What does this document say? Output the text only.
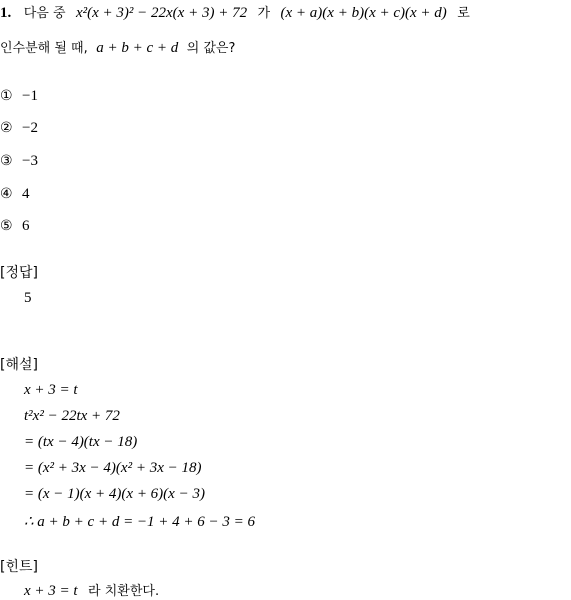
1. 다음 중 x²(x + 3)² − 22x(x + 3) + 72 가 (x + a)(x + b)(x + c)(x + d) 로
인수분해 될 때, a + b + c + d 의 값은?
① −1
② −2
③ −3
④ 4
⑤ 6
[정답]
5
[해설]
x + 3 = t
t²x² − 22tx + 72
= (tx − 4)(tx − 18)
= (x² + 3x − 4)(x² + 3x − 18)
= (x − 1)(x + 4)(x + 6)(x − 3)
∴ a + b + c + d = −1 + 4 + 6 − 3 = 6
[힌트]
x + 3 = t 라 치환한다.
